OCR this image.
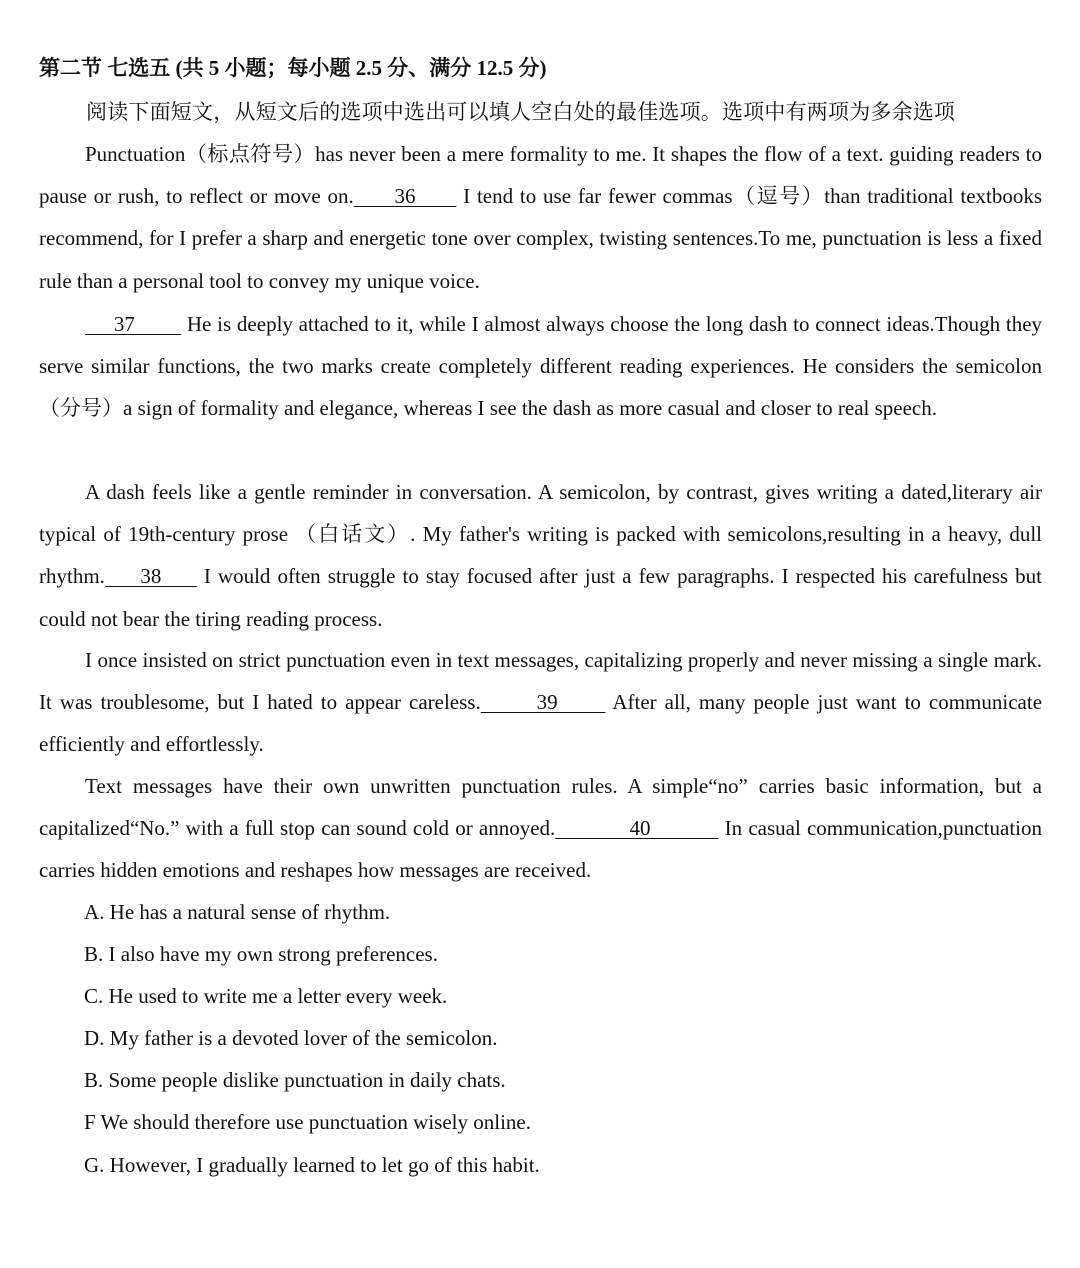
第二节 七选五 (共 5 小题；每小题 2.5 分、满分 12.5 分)
阅读下面短文，从短文后的选项中选出可以填人空白处的最佳选项。选项中有两项为多余选项

Punctuation（标点符号）has never been a mere formality to me. It shapes the flow of a text. guiding readers to pause or rush, to reflect or move on. 36       I tend to use far fewer commas（逗号）than traditional textbooks recommend, for I prefer a sharp and energetic tone over complex, twisting sentences.To me, punctuation is less a fixed rule than a personal tool to convey my unique voice.

37         He is deeply attached to it, while I almost always choose the long dash to connect ideas.Though they serve similar functions, the two marks create completely different reading experiences. He considers the semicolon（分号）a sign of formality and elegance, whereas I see the dash as more casual and closer to real speech.

A dash feels like a gentle reminder in conversation. A semicolon, by contrast, gives writing a dated,literary air typical of 19th-century prose （白话文）. My father's writing is packed with semicolons,resulting in a heavy, dull rhythm. 38      I would often struggle to stay focused after just a few paragraphs. I respected his carefulness but could not bear the tiring reading process.

I once insisted on strict punctuation even in text messages, capitalizing properly and never missing a single mark. It was troublesome, but I hated to appear careless.	39       After all, many people just want to communicate efficiently and effortlessly.

Text messages have their own unwritten punctuation rules. A simple“no” carries basic information, but a capitalized“No.” with a full stop can sound cold or annoyed.	40	In casual communication,punctuation carries hidden emotions and reshapes how messages are received.

A. He has a natural sense of rhythm.
B. I also have my own strong preferences.
C. He used to write me a letter every week.
D. My father is a devoted lover of the semicolon.
B. Some people dislike punctuation in daily chats.
F We should therefore use punctuation wisely online.
G. However, I gradually learned to let go of this habit.
